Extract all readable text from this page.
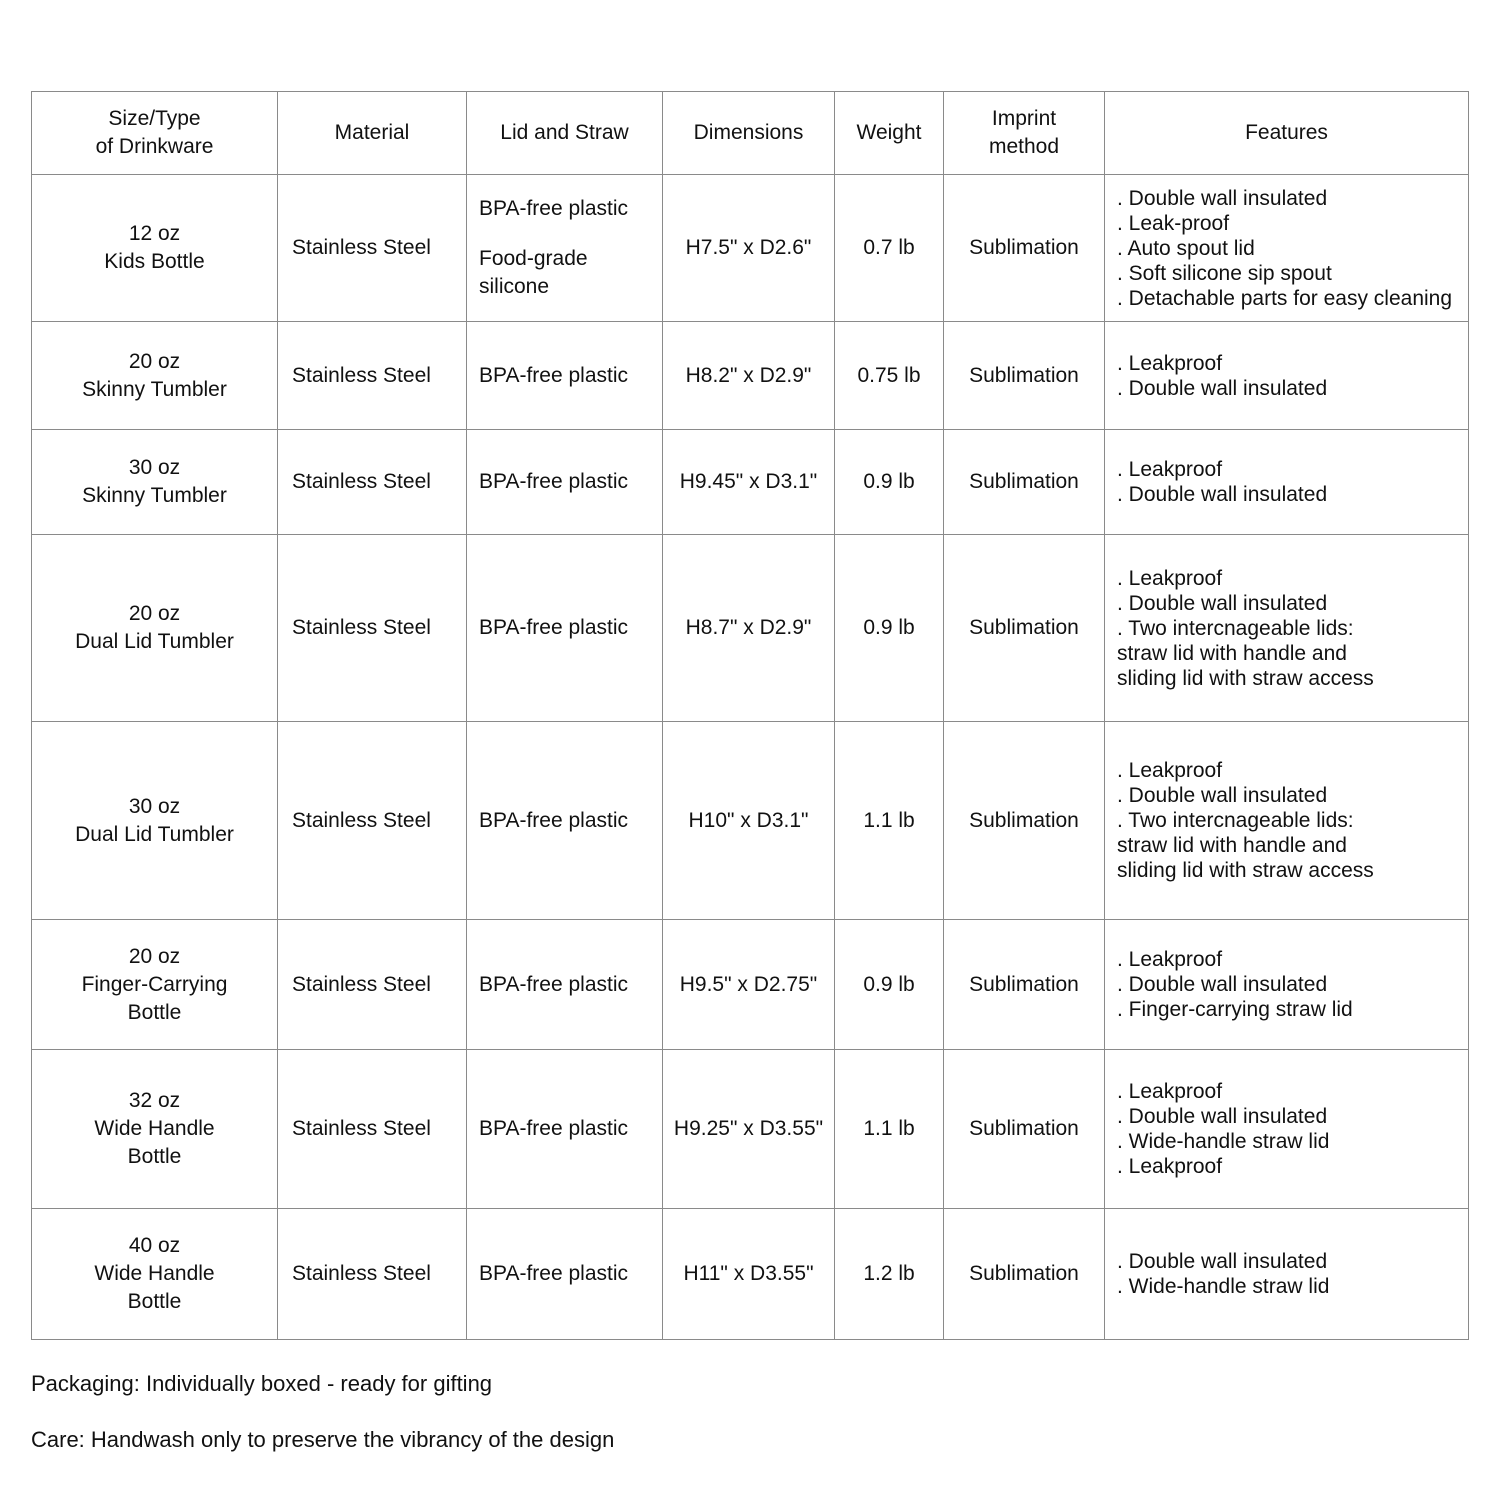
Size/Type
of Drinkware	Material	Lid and Straw	Dimensions	Weight	Imprint
method	Features

12 oz
Kids Bottle	Stainless Steel	BPA-free plastic
Food-grade
silicone	H7.5" x D2.6"	0.7 lb	Sublimation	. Double wall insulated
. Leak-proof
. Auto spout lid
. Soft silicone sip spout
. Detachable parts for easy cleaning

20 oz
Skinny Tumbler	Stainless Steel	BPA-free plastic	H8.2" x D2.9"	0.75 lb	Sublimation	. Leakproof
. Double wall insulated

30 oz
Skinny Tumbler	Stainless Steel	BPA-free plastic	H9.45" x D3.1"	0.9 lb	Sublimation	. Leakproof
. Double wall insulated

20 oz
Dual Lid Tumbler	Stainless Steel	BPA-free plastic	H8.7" x D2.9"	0.9 lb	Sublimation	. Leakproof
. Double wall insulated
. Two intercnageable lids:
straw lid with handle and
sliding lid with straw access

30 oz
Dual Lid Tumbler	Stainless Steel	BPA-free plastic	H10" x D3.1"	1.1 lb	Sublimation	. Leakproof
. Double wall insulated
. Two intercnageable lids:
straw lid with handle and
sliding lid with straw access

20 oz
Finger-Carrying
Bottle	Stainless Steel	BPA-free plastic	H9.5" x D2.75"	0.9 lb	Sublimation	. Leakproof
. Double wall insulated
. Finger-carrying straw lid

32 oz
Wide Handle
Bottle	Stainless Steel	BPA-free plastic	H9.25" x D3.55"	1.1 lb	Sublimation	. Leakproof
. Double wall insulated
. Wide-handle straw lid
. Leakproof

40 oz
Wide Handle
Bottle	Stainless Steel	BPA-free plastic	H11" x D3.55"	1.2 lb	Sublimation	. Double wall insulated
. Wide-handle straw lid
Packaging: Individually boxed - ready for gifting
Care: Handwash only to preserve the vibrancy of the design
